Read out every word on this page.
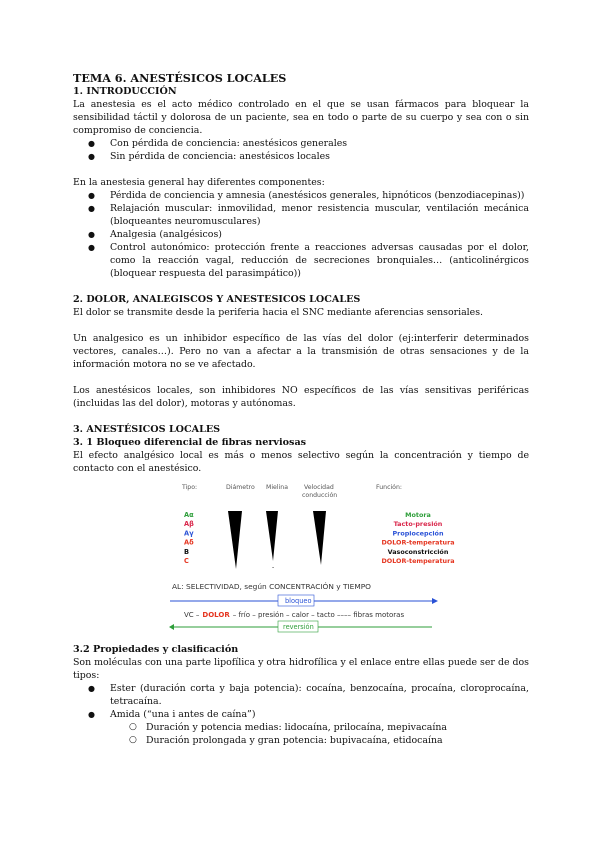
TEMA 6. ANESTÉSICOS LOCALES
1. INTRODUCCIÓN

La anestesia es el acto médico controlado en el que se usan fármacos para bloquear la sensibilidad táctil y dolorosa de un paciente, sea en todo o parte de su cuerpo y sea con o sin compromiso de conciencia.

● Con pérdida de conciencia: anestésicos generales
● Sin pérdida de conciencia: anestésicos locales

En la anestesia general hay diferentes componentes:

● Pérdida de conciencia y amnesia (anestésicos generales, hipnóticos (benzodiacepinas))
● Relajación muscular: inmovilidad, menor resistencia muscular, ventilación mecánica (bloqueantes neuromusculares)
● Analgesia (analgésicos)
● Control autonómico: protección frente a reacciones adversas causadas por el dolor, como la reacción vagal, reducción de secreciones bronquiales… (anticolinérgicos (bloquear respuesta del parasimpático))
2. DOLOR, ANALEGISCOS Y ANESTESICOS LOCALES

El dolor se transmite desde la periferia hacia el SNC mediante aferencias sensoriales.

Un analgesico es un inhibidor específico de las vías del dolor (ej:interferir determinados vectores, canales…). Pero no van a afectar a la transmisión de otras sensaciones y de la información motora no se ve afectado.

Los anestésicos locales, son inhibidores NO específicos de las vías sensitivas periféricas (incluidas las del dolor), motoras y autónomas.

3. ANESTÉSICOS LOCALES
3. 1 Bloqueo diferencial de fibras nerviosas

El efecto analgésico local es más o menos selectivo según la concentración y tiempo de contacto con el anestésico.

Tipo:	Diámetro Mielina	Velocidad
conducción
Función:
Aα	Motora
Aβ	Tacto-presión
Aγ	Propiocepción
Aδ	DOLOR-temperatura
B	Vasoconstricción
C	DOLOR-temperatura
-
AL: SELECTIVIDAD, según CONCENTRACIÓN y TIEMPO
bloqueo
VC – DOLOR – frío – presión – calor – tacto –––– fibras motoras
reversión
3.2 Propiedades y clasificación

Son moléculas con una parte lipofílica y otra hidrofílica y el enlace entre ellas puede ser de dos tipos:

● Ester (duración corta y baja potencia): cocaína, benzocaína, procaína, cloroprocaína, tetracaína.
● Amida (“una i antes de caína”)
○ Duración y potencia medias: lidocaína, prilocaína, mepivacaína
○ Duración prolongada y gran potencia: bupivacaína, etidocaína
